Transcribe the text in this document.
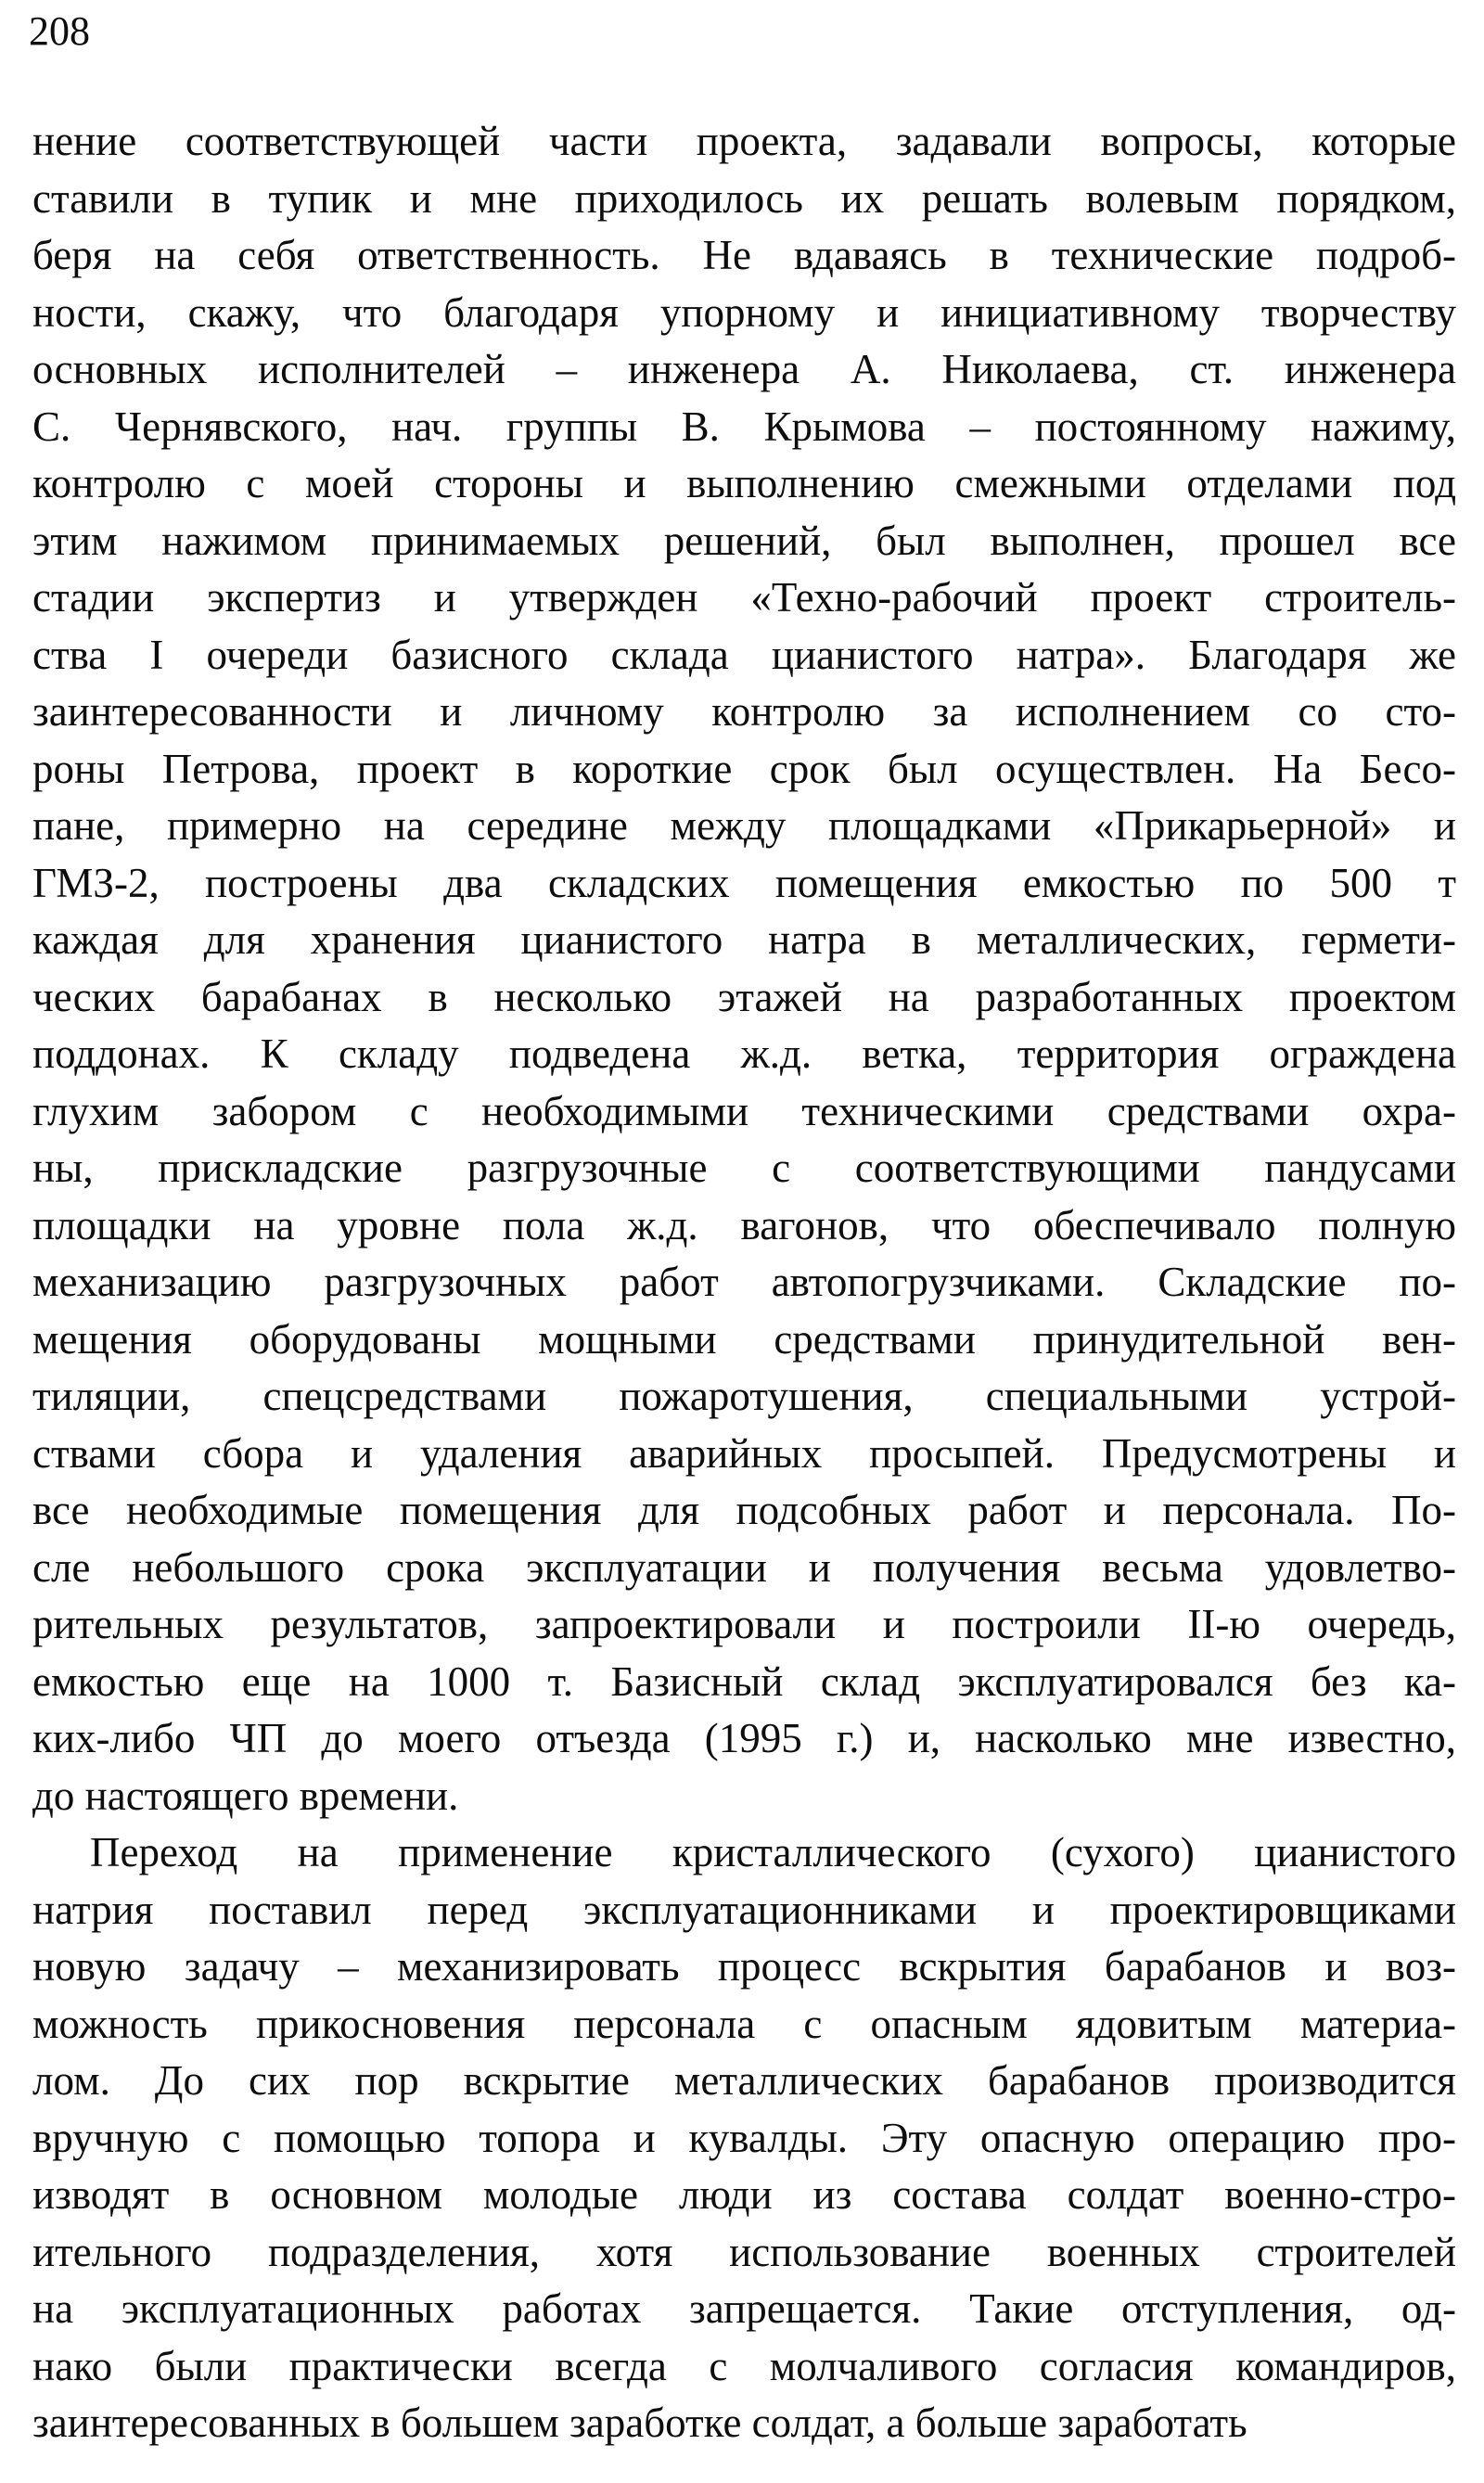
208
нение соответствующей части проекта, задавали вопросы, которые
ставили в тупик и мне приходилось их решать волевым порядком,
беря на себя ответственность. Не вдаваясь в технические подроб-
ности, скажу, что благодаря упорному и инициативному творчеству
основных исполнителей – инженера А. Николаева, ст. инженера
С. Чернявского, нач. группы В. Крымова – постоянному нажиму,
контролю с моей стороны и выполнению смежными отделами под
этим нажимом принимаемых решений, был выполнен, прошел все
стадии экспертиз и утвержден «Техно-рабочий проект строитель-
ства I очереди базисного склада цианистого натра». Благодаря же
заинтересованности и личному контролю за исполнением со сто-
роны Петрова, проект в короткие срок был осуществлен. На Бесо-
пане, примерно на середине между площадками «Прикарьерной» и
ГМЗ-2, построены два складских помещения емкостью по 500 т
каждая для хранения цианистого натра в металлических, гермети-
ческих барабанах в несколько этажей на разработанных проектом
поддонах. К складу подведена ж.д. ветка, территория ограждена
глухим забором с необходимыми техническими средствами охра-
ны, прискладские разгрузочные с соответствующими пандусами
площадки на уровне пола ж.д. вагонов, что обеспечивало полную
механизацию разгрузочных работ автопогрузчиками. Складские по-
мещения оборудованы мощными средствами принудительной вен-
тиляции, спецсредствами пожаротушения, специальными устрой-
ствами сбора и удаления аварийных просыпей. Предусмотрены и
все необходимые помещения для подсобных работ и персонала. По-
сле небольшого срока эксплуатации и получения весьма удовлетво-
рительных результатов, запроектировали и построили II-ю очередь,
емкостью еще на 1000 т. Базисный склад эксплуатировался без ка-
ких-либо ЧП до моего отъезда (1995 г.) и, насколько мне известно,
до настоящего времени.
Переход на применение кристаллического (сухого) цианистого
натрия поставил перед эксплуатационниками и проектировщиками
новую задачу – механизировать процесс вскрытия барабанов и воз-
можность прикосновения персонала с опасным ядовитым материа-
лом. До сих пор вскрытие металлических барабанов производится
вручную с помощью топора и кувалды. Эту опасную операцию про-
изводят в основном молодые люди из состава солдат военно-стро-
ительного подразделения, хотя использование военных строителей
на эксплуатационных работах запрещается. Такие отступления, од-
нако были практически всегда с молчаливого согласия командиров,
заинтересованных в большем заработке солдат, а больше заработать
